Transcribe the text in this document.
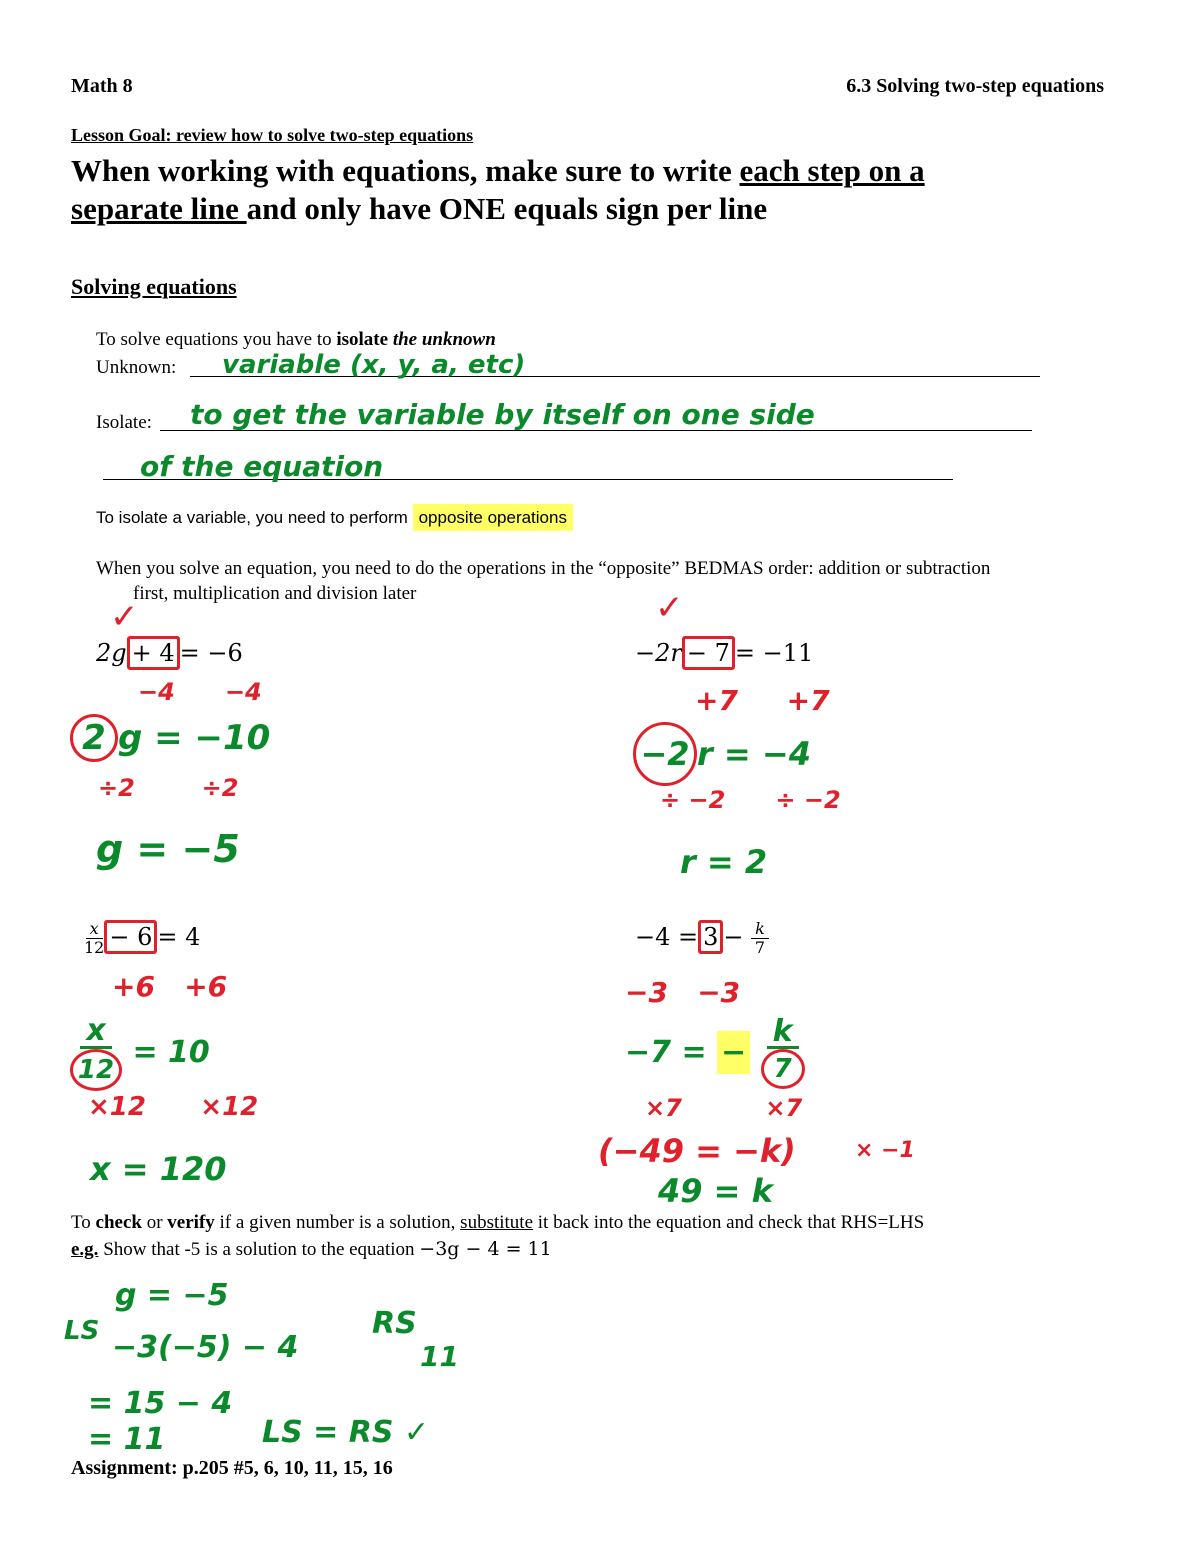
Math 8	6.3 Solving two-step equations
Lesson Goal: review how to solve two-step equations
When working with equations, make sure to write each step on a
separate line and only have ONE equals sign per line
Solving equations
To solve equations you have to isolate the unknown
Unknown: variable (x, y, a, etc)
Isolate: to get the variable by itself on one side
of the equation
To isolate a variable, you need to perform opposite operations
When you solve an equation, you need to do the operations in the “opposite” BEDMAS order: addition or subtraction
first, multiplication and division later
✓
2g + 4 = −6
−4      −4
2 g = −10
÷2        ÷2
g = −5
✓
−2r − 7 = −11
+7     +7
−2 r = −4
÷ −2      ÷ −2
r = 2
$\frac{x}{12} - 6 = 4$
+6   +6
$\frac{x}{12} = 10$
×12      ×12
x = 120
$-4 = 3 - \frac{k}{7}$
−3   −3
−7 = − $\frac{k}{7}$
×7          ×7
(−49 = −k)	× −1
49 = k
To check or verify if a given number is a solution, substitute it back into the equation and check that RHS=LHS
e.g. Show that -5 is a solution to the equation −3g − 4 = 11
g = −5
LS −3(−5) − 4
= 15 − 4
= 11
RS
11
LS = RS ✓
Assignment: p.205 #5, 6, 10, 11, 15, 16
